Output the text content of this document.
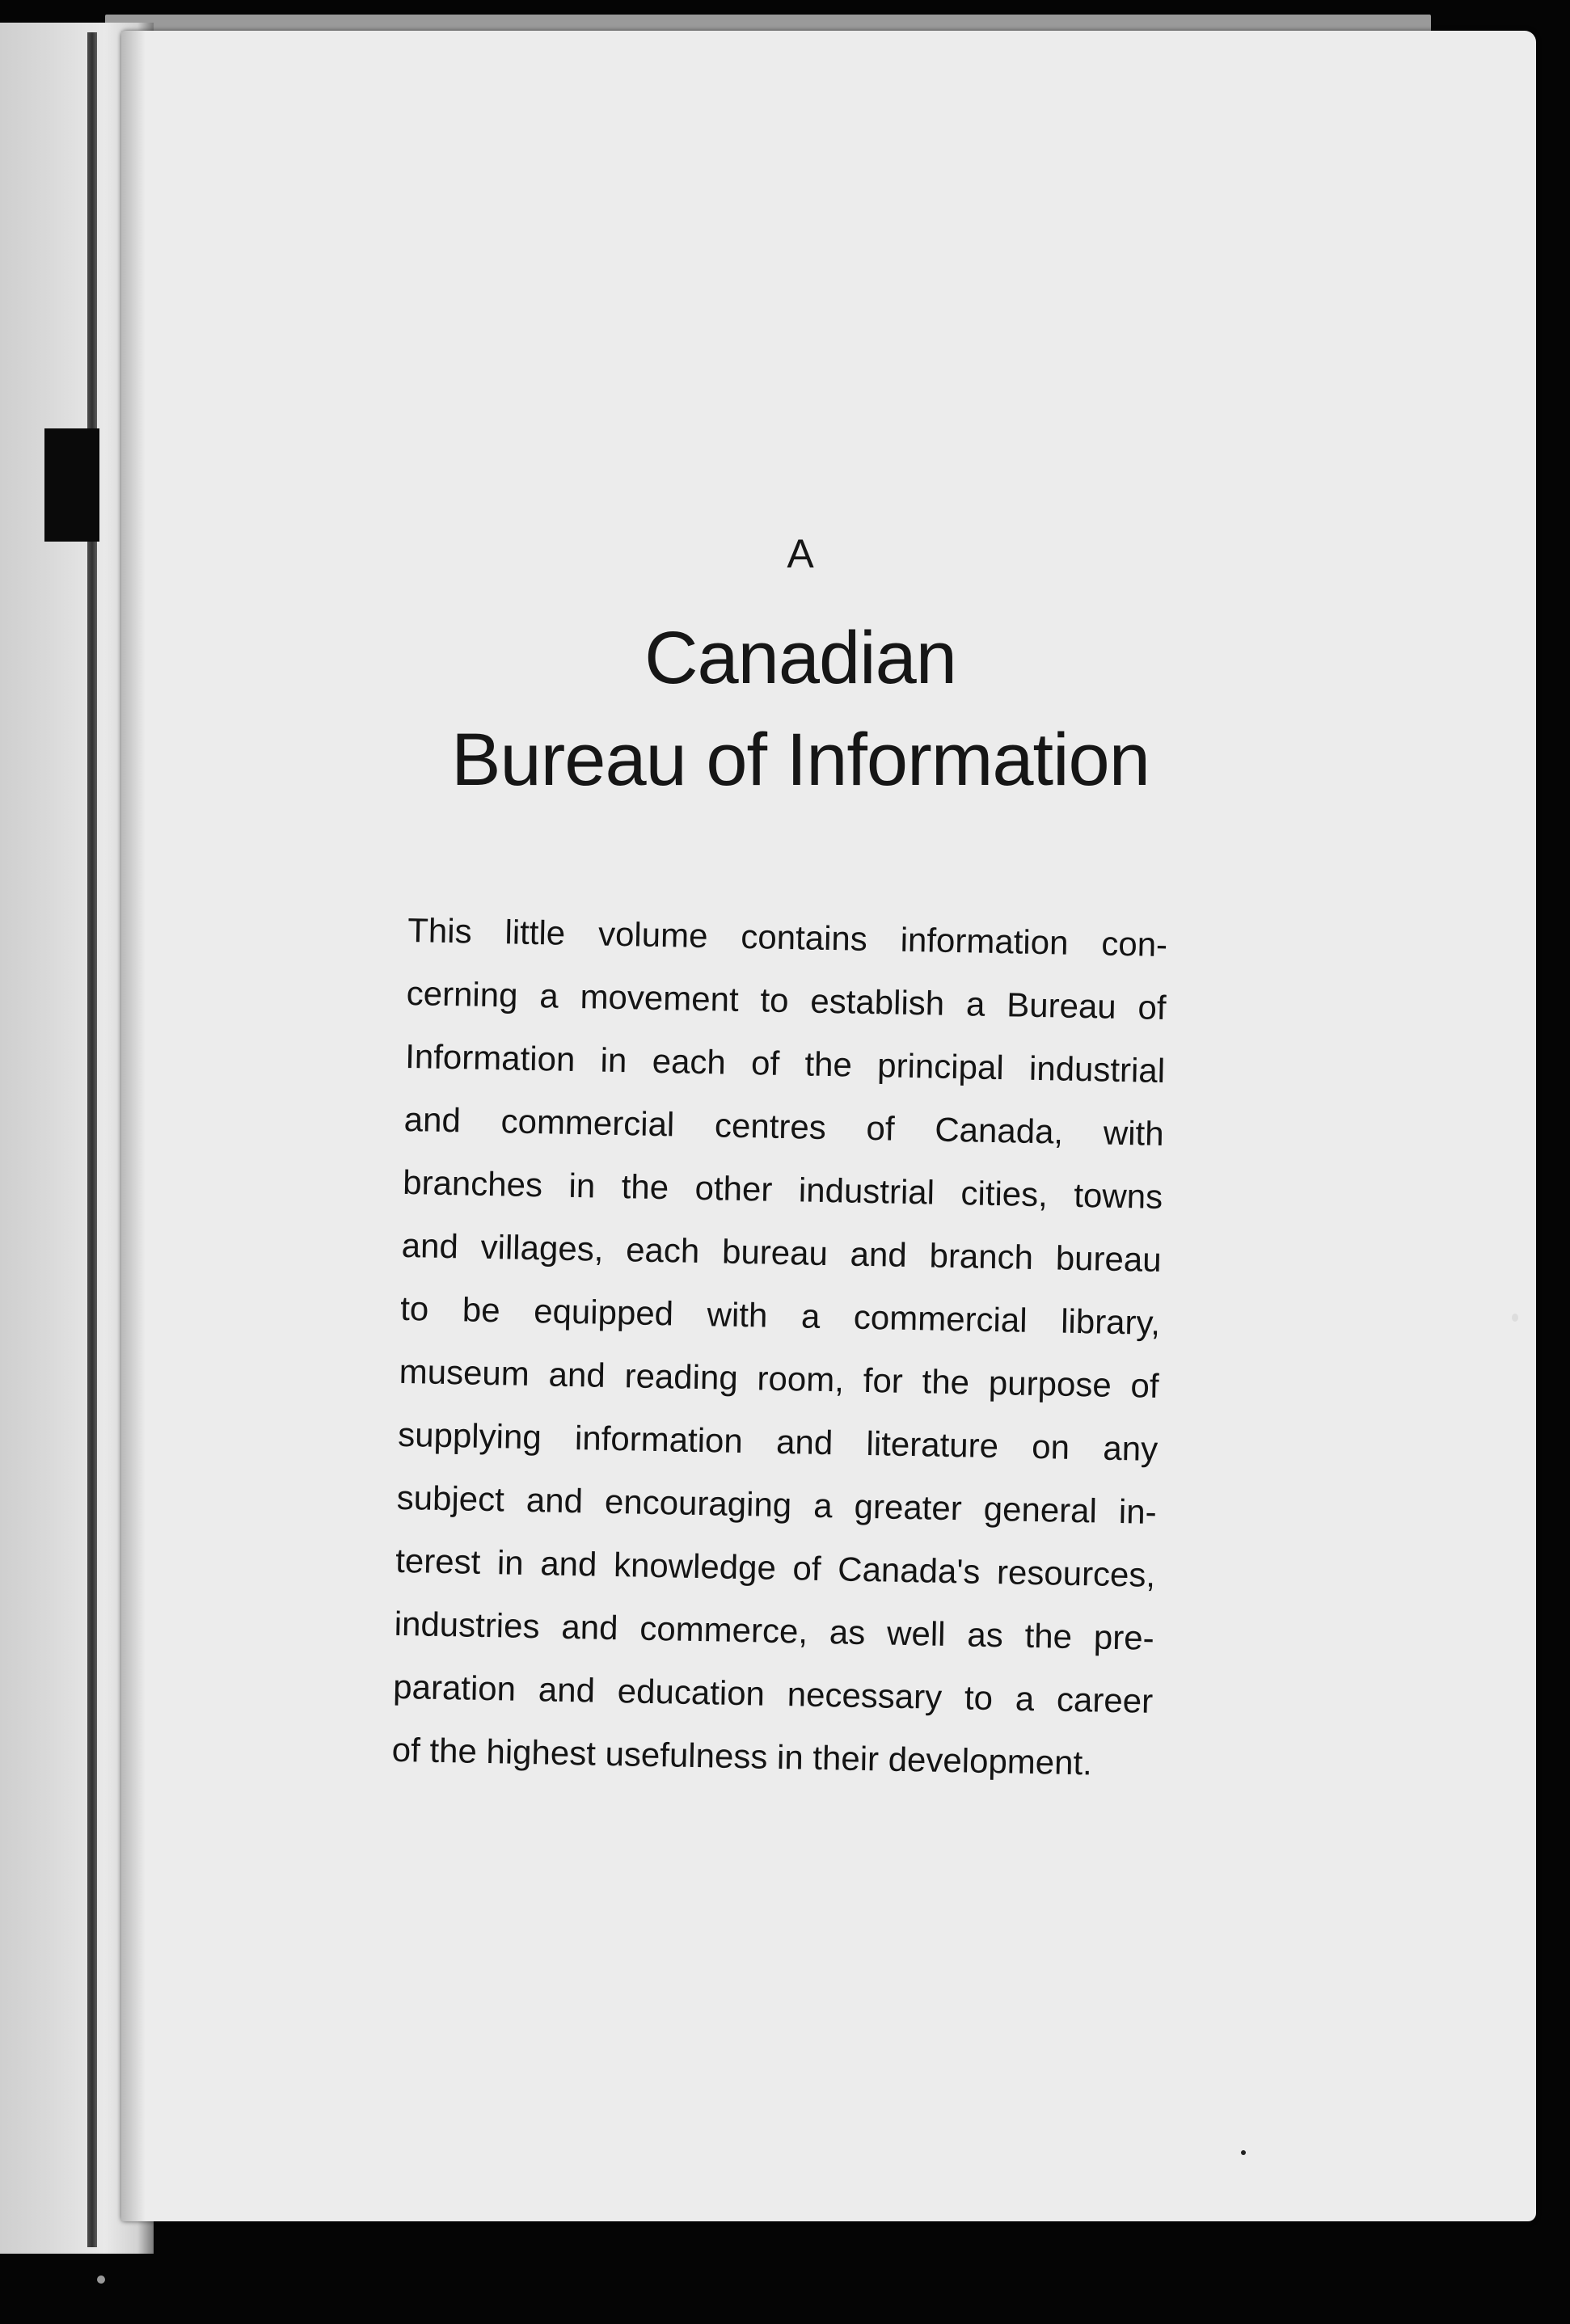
A
Canadian
Bureau of Information
This little volume contains information con-
cerning a movement to establish a Bureau of
Information in each of the principal industrial
and commercial centres of Canada, with
branches in the other industrial cities, towns
and villages, each bureau and branch bureau
to be equipped with a commercial library,
museum and reading room, for the purpose of
supplying information and literature on any
subject and encouraging a greater general in-
terest in and knowledge of Canada's resources,
industries and commerce, as well as the pre-
paration and education necessary to a career
of the highest usefulness in their development.
